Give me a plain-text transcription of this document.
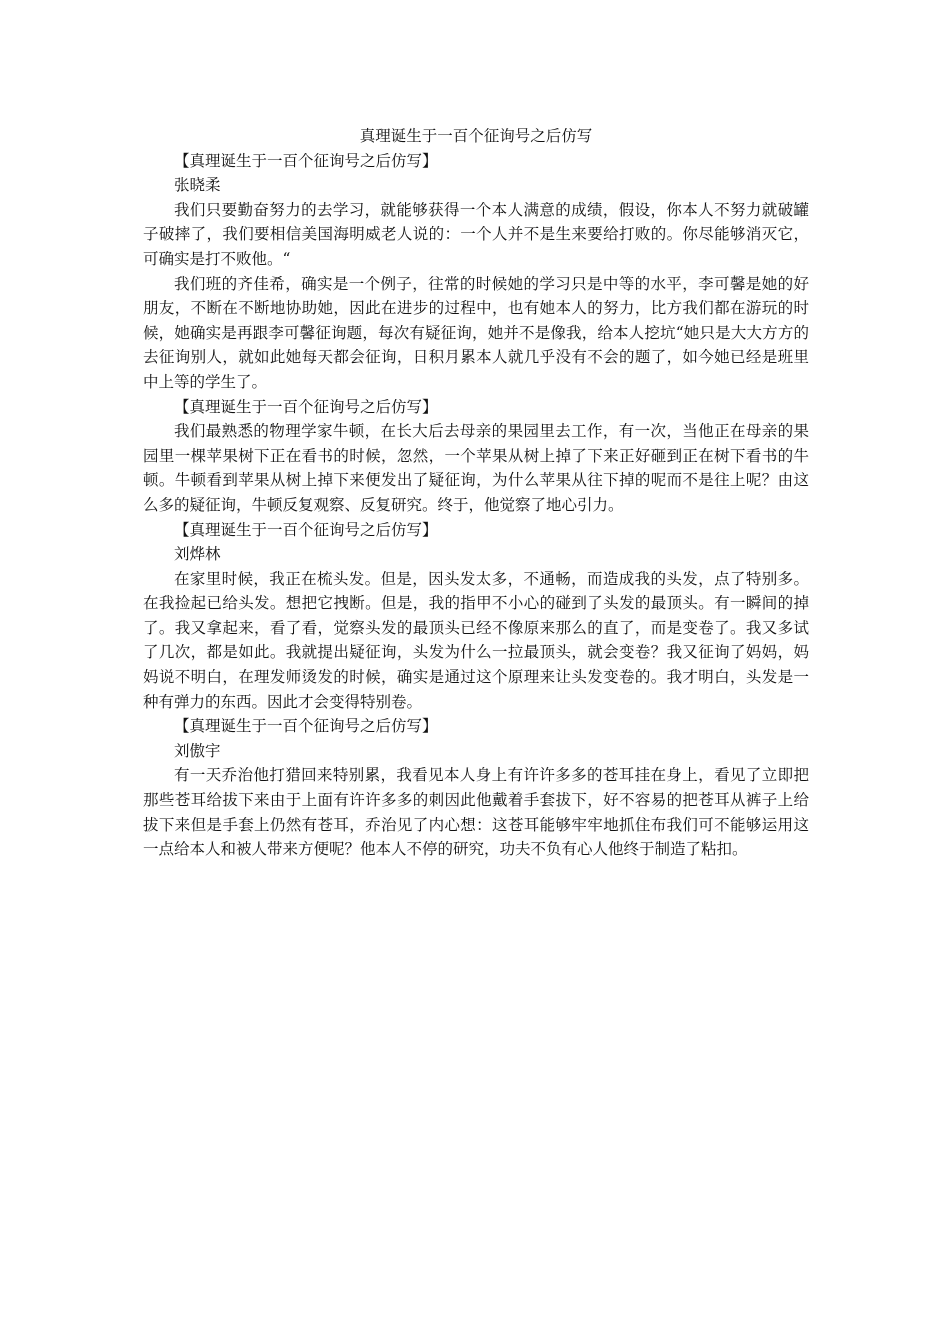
真理诞生于一百个征询号之后仿写

【真理诞生于一百个征询号之后仿写】

张晓柔

我们只要勤奋努力的去学习，就能够获得一个本人满意的成绩，假设，你本人不努力就破罐子破摔了，我们要相信美国海明威老人说的：一个人并不是生来要给打败的。你尽能够消灭它，可确实是打不败他。“

我们班的齐佳希，确实是一个例子，往常的时候她的学习只是中等的水平，李可馨是她的好朋友，不断在不断地协助她，因此在进步的过程中，也有她本人的努力，比方我们都在游玩的时候，她确实是再跟李可馨征询题，每次有疑征询，她并不是像我，给本人挖坑“她只是大大方方的去征询别人，就如此她每天都会征询，日积月累本人就几乎没有不会的题了，如今她已经是班里中上等的学生了。

【真理诞生于一百个征询号之后仿写】

我们最熟悉的物理学家牛顿，在长大后去母亲的果园里去工作，有一次，当他正在母亲的果园里一棵苹果树下正在看书的时候，忽然，一个苹果从树上掉了下来正好砸到正在树下看书的牛顿。牛顿看到苹果从树上掉下来便发出了疑征询，为什么苹果从往下掉的呢而不是往上呢？由这么多的疑征询，牛顿反复观察、反复研究。终于，他觉察了地心引力。

【真理诞生于一百个征询号之后仿写】

刘烨林

在家里时候，我正在梳头发。但是，因头发太多，不通畅，而造成我的头发，点了特别多。在我捡起已给头发。想把它拽断。但是，我的指甲不小心的碰到了头发的最顶头。有一瞬间的掉了。我又拿起来，看了看，觉察头发的最顶头已经不像原来那么的直了，而是变卷了。我又多试了几次，都是如此。我就提出疑征询，头发为什么一拉最顶头，就会变卷？我又征询了妈妈，妈妈说不明白，在理发师烫发的时候，确实是通过这个原理来让头发变卷的。我才明白，头发是一种有弹力的东西。因此才会变得特别卷。

【真理诞生于一百个征询号之后仿写】

刘傲宇

有一天乔治他打猎回来特别累，我看见本人身上有许许多多的苍耳挂在身上，看见了立即把那些苍耳给拔下来由于上面有许许多多的刺因此他戴着手套拔下，好不容易的把苍耳从裤子上给拔下来但是手套上仍然有苍耳，乔治见了内心想：这苍耳能够牢牢地抓住布我们可不能够运用这一点给本人和被人带来方便呢？他本人不停的研究，功夫不负有心人他终于制造了粘扣。
